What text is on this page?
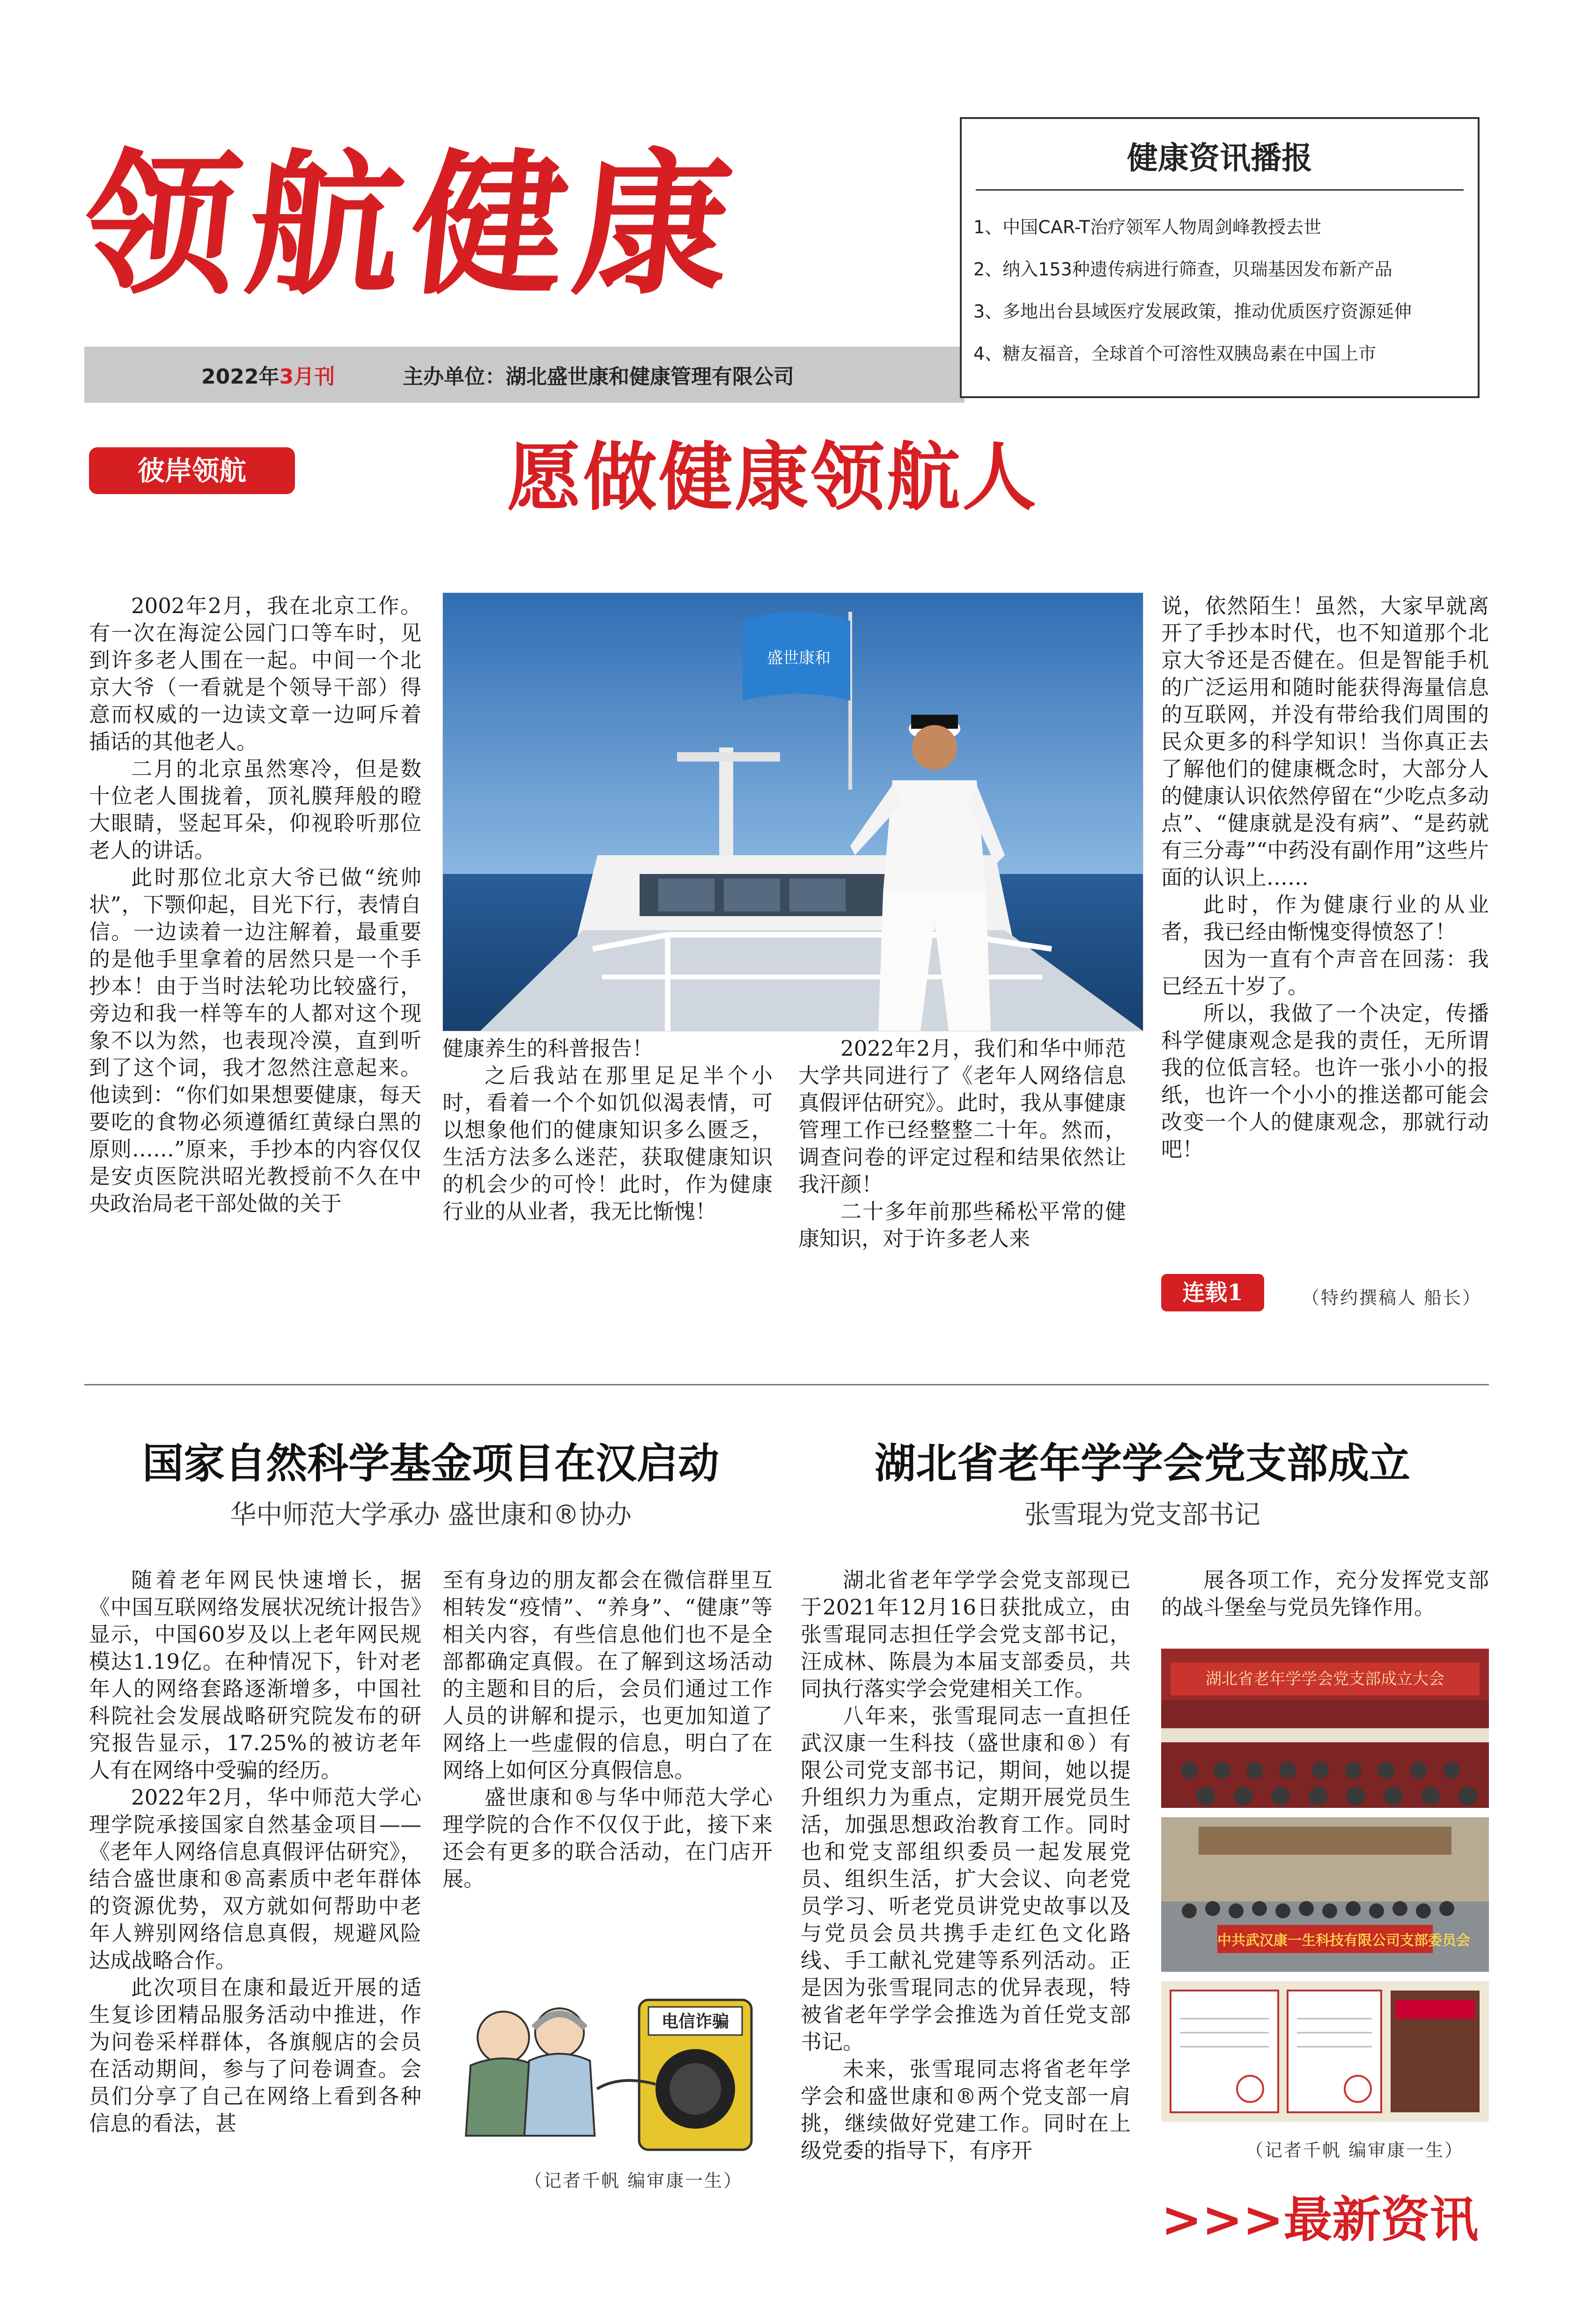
领航健康
2022年3月刊	主办单位：湖北盛世康和健康管理有限公司
健康资讯播报
1、中国CAR-T治疗领军人物周剑峰教授去世
2、纳入153种遗传病进行筛查，贝瑞基因发布新产品
3、多地出台县域医疗发展政策，推动优质医疗资源延伸
4、糖友福音，全球首个可溶性双胰岛素在中国上市
彼岸领航	愿做健康领航人

2002年2月，我在北京工作。有一次在海淀公园门口等车时，见到许多老人围在一起。中间一个北京大爷（一看就是个领导干部）得意而权威的一边读文章一边呵斥着插话的其他老人。

二月的北京虽然寒冷，但是数十位老人围拢着，顶礼膜拜般的瞪大眼睛，竖起耳朵，仰视聆听那位老人的讲话。

此时那位北京大爷已做“统帅状”，下颚仰起，目光下行，表情自信。一边读着一边注解着，最重要的是他手里拿着的居然只是一个手抄本！由于当时法轮功比较盛行，旁边和我一样等车的人都对这个现象不以为然，也表现冷漠，直到听到了这个词，我才忽然注意起来。他读到：“你们如果想要健康，每天要吃的食物必须遵循红黄绿白黑的原则……”原来，手抄本的内容仅仅是安贞医院洪昭光教授前不久在中央政治局老干部处做的关于

盛世康和

健康养生的科普报告！

之后我站在那里足足半个小时，看着一个个如饥似渴表情，可以想象他们的健康知识多么匮乏，生活方法多么迷茫，获取健康知识的机会少的可怜！此时，作为健康行业的从业者，我无比惭愧！

2022年2月，我们和华中师范大学共同进行了《老年人网络信息真假评估研究》。此时，我从事健康管理工作已经整整二十年。然而，调查问卷的评定过程和结果依然让我汗颜！

二十多年前那些稀松平常的健康知识，对于许多老人来

说，依然陌生！虽然，大家早就离开了手抄本时代，也不知道那个北京大爷还是否健在。但是智能手机的广泛运用和随时能获得海量信息的互联网，并没有带给我们周围的民众更多的科学知识！当你真正去了解他们的健康概念时，大部分人的健康认识依然停留在“少吃点多动点”、“健康就是没有病”、“是药就有三分毒”“中药没有副作用”这些片面的认识上……

此时，作为健康行业的从业者，我已经由惭愧变得愤怒了！

因为一直有个声音在回荡：我已经五十岁了。

所以，我做了一个决定，传播科学健康观念是我的责任，无所谓我的位低言轻。也许一张小小的报纸，也许一个小小的推送都可能会改变一个人的健康观念，那就行动吧！

连载1	（特约撰稿人 船长）
国家自然科学基金项目在汉启动
华中师范大学承办 盛世康和®协办

随着老年网民快速增长，据《中国互联网络发展状况统计报告》显示，中国60岁及以上老年网民规模达1.19亿。在种情况下，针对老年人的网络套路逐渐增多，中国社科院社会发展战略研究院发布的研究报告显示，17.25%的被访老年人有在网络中受骗的经历。

2022年2月，华中师范大学心理学院承接国家自然基金项目——《老年人网络信息真假评估研究》，结合盛世康和®高素质中老年群体的资源优势，双方就如何帮助中老年人辨别网络信息真假，规避风险达成战略合作。

此次项目在康和最近开展的适生复诊团精品服务活动中推进，作为问卷采样群体，各旗舰店的会员在活动期间，参与了问卷调查。会员们分享了自己在网络上看到各种信息的看法，甚

至有身边的朋友都会在微信群里互相转发“疫情”、“养身”、“健康”等相关内容，有些信息他们也不是全部都确定真假。在了解到这场活动的主题和目的后，会员们通过工作人员的讲解和提示，也更加知道了网络上一些虚假的信息，明白了在网络上如何区分真假信息。

盛世康和®与华中师范大学心理学院的合作不仅仅于此，接下来还会有更多的联合活动，在门店开展。

电信诈骗
（记者千帆 编审康一生）
湖北省老年学学会党支部成立
张雪琨为党支部书记

湖北省老年学学会党支部现已于2021年12月16日获批成立，由张雪琨同志担任学会党支部书记，汪成林、陈晨为本届支部委员，共同执行落实学会党建相关工作。

八年来，张雪琨同志一直担任武汉康一生科技（盛世康和®）有限公司党支部书记，期间，她以提升组织力为重点，定期开展党员生活，加强思想政治教育工作。同时也和党支部组织委员一起发展党员、组织生活，扩大会议、向老党员学习、听老党员讲党史故事以及与党员会员共携手走红色文化路线、手工献礼党建等系列活动。正是因为张雪琨同志的优异表现，特被省老年学学会推选为首任党支部书记。

未来，张雪琨同志将省老年学学会和盛世康和®两个党支部一肩挑，继续做好党建工作。同时在上级党委的指导下，有序开

展各项工作，充分发挥党支部的战斗堡垒与党员先锋作用。

湖北省老年学学会党支部成立大会
中共武汉康一生科技有限公司支部委员会
（记者千帆 编审康一生）
>>>最新资讯
